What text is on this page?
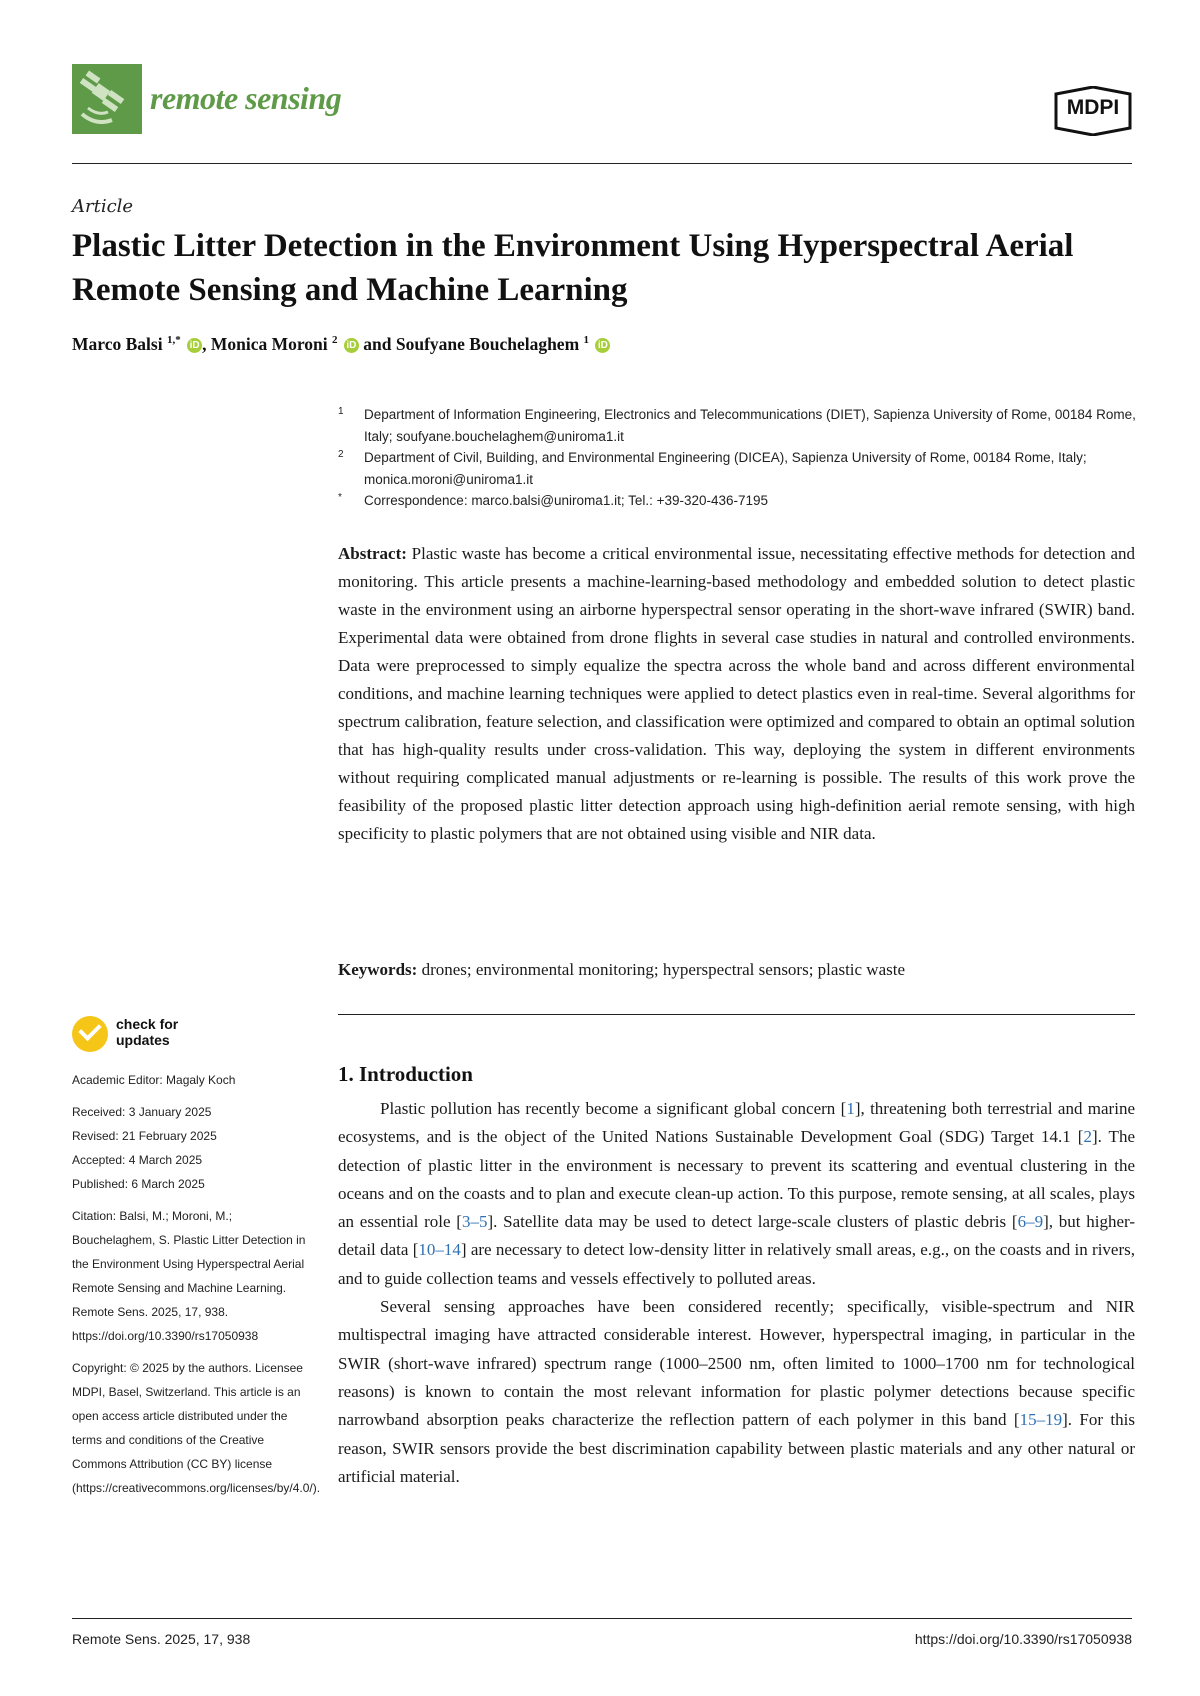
remote sensing	MDPI
Article
Plastic Litter Detection in the Environment Using Hyperspectral Aerial Remote Sensing and Machine Learning
Marco Balsi $^{1,*}$ iD , Monica Moroni $^2$ iD and Soufyane Bouchelaghem $^1$ iD
1 Department of Information Engineering, Electronics and Telecommunications (DIET), Sapienza University of Rome, 00184 Rome, Italy; soufyane.bouchelaghem@uniroma1.it
2 Department of Civil, Building, and Environmental Engineering (DICEA), Sapienza University of Rome, 00184 Rome, Italy; monica.moroni@uniroma1.it
* Correspondence: marco.balsi@uniroma1.it; Tel.: +39-320-436-7195
Abstract: Plastic waste has become a critical environmental issue, necessitating effective methods for detection and monitoring. This article presents a machine-learning-based methodology and embedded solution to detect plastic waste in the environment using an airborne hyperspectral sensor operating in the short-wave infrared (SWIR) band. Experimental data were obtained from drone flights in several case studies in natural and controlled environments. Data were preprocessed to simply equalize the spectra across the whole band and across different environmental conditions, and machine learning techniques were applied to detect plastics even in real-time. Several algorithms for spectrum calibration, feature selection, and classification were optimized and compared to obtain an optimal solution that has high-quality results under cross-validation. This way, deploying the system in different environments without requiring complicated manual adjustments or re-learning is possible. The results of this work prove the feasibility of the proposed plastic litter detection approach using high-definition aerial remote sensing, with high specificity to plastic polymers that are not obtained using visible and NIR data.
Keywords: drones; environmental monitoring; hyperspectral sensors; plastic waste
1. Introduction

Plastic pollution has recently become a significant global concern [1], threatening both terrestrial and marine ecosystems, and is the object of the United Nations Sustainable Development Goal (SDG) Target 14.1 [2]. The detection of plastic litter in the environment is necessary to prevent its scattering and eventual clustering in the oceans and on the coasts and to plan and execute clean-up action. To this purpose, remote sensing, at all scales, plays an essential role [3–5]. Satellite data may be used to detect large-scale clusters of plastic debris [6–9], but higher-detail data [10–14] are necessary to detect low-density litter in relatively small areas, e.g., on the coasts and in rivers, and to guide collection teams and vessels effectively to polluted areas.

Several sensing approaches have been considered recently; specifically, visible-spectrum and NIR multispectral imaging have attracted considerable interest. However, hyperspectral imaging, in particular in the SWIR (short-wave infrared) spectrum range (1000–2500 nm, often limited to 1000–1700 nm for technological reasons) is known to contain the most relevant information for plastic polymer detections because specific narrowband absorption peaks characterize the reflection pattern of each polymer in this band [15–19]. For this reason, SWIR sensors provide the best discrimination capability between plastic materials and any other natural or artificial material.

check for
updates
Academic Editor: Magaly Koch
Received: 3 January 2025
Revised: 21 February 2025
Accepted: 4 March 2025
Published: 6 March 2025
Citation: Balsi, M.; Moroni, M.; Bouchelaghem, S. Plastic Litter Detection in the Environment Using Hyperspectral Aerial Remote Sensing and Machine Learning. Remote Sens. 2025, 17, 938. https://doi.org/10.3390/rs17050938
Copyright: © 2025 by the authors. Licensee MDPI, Basel, Switzerland. This article is an open access article distributed under the terms and conditions of the Creative Commons Attribution (CC BY) license (https://creativecommons.org/licenses/by/4.0/).
Remote Sens. 2025, 17, 938	https://doi.org/10.3390/rs17050938
